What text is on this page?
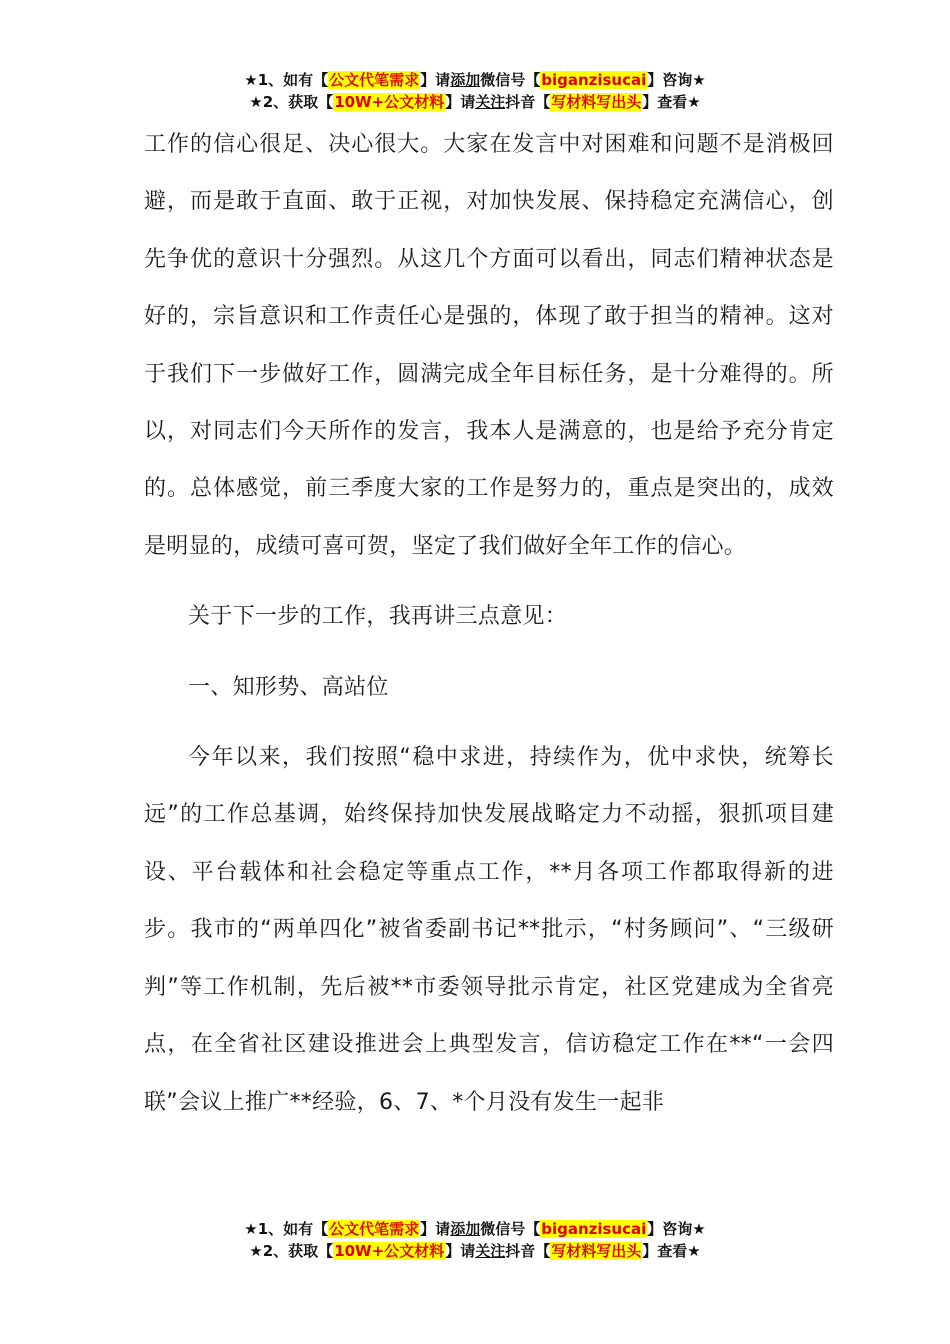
★1、如有【公文代笔需求】请添加微信号【biganzisucai】咨询★
★2、获取【10W+公文材料】请关注抖音【写材料写出头】查看★

工作的信心很足、决心很大。大家在发言中对困难和问题不是消极回避，而是敢于直面、敢于正视，对加快发展、保持稳定充满信心，创先争优的意识十分强烈。从这几个方面可以看出，同志们精神状态是好的，宗旨意识和工作责任心是强的，体现了敢于担当的精神。这对于我们下一步做好工作，圆满完成全年目标任务，是十分难得的。所以，对同志们今天所作的发言，我本人是满意的，也是给予充分肯定的。总体感觉，前三季度大家的工作是努力的，重点是突出的，成效是明显的，成绩可喜可贺，坚定了我们做好全年工作的信心。

关于下一步的工作，我再讲三点意见：

一、知形势、高站位

今年以来，我们按照“稳中求进，持续作为，优中求快，统筹长远”的工作总基调，始终保持加快发展战略定力不动摇，狠抓项目建设、平台载体和社会稳定等重点工作，**月各项工作都取得新的进步。我市的“两单四化”被省委副书记**批示，“村务顾问”、“三级研判”等工作机制，先后被**市委领导批示肯定，社区党建成为全省亮点，在全省社区建设推进会上典型发言，信访稳定工作在**“一会四联”会议上推广**经验，6、7、*个月没有发生一起非

★1、如有【公文代笔需求】请添加微信号【biganzisucai】咨询★
★2、获取【10W+公文材料】请关注抖音【写材料写出头】查看★
